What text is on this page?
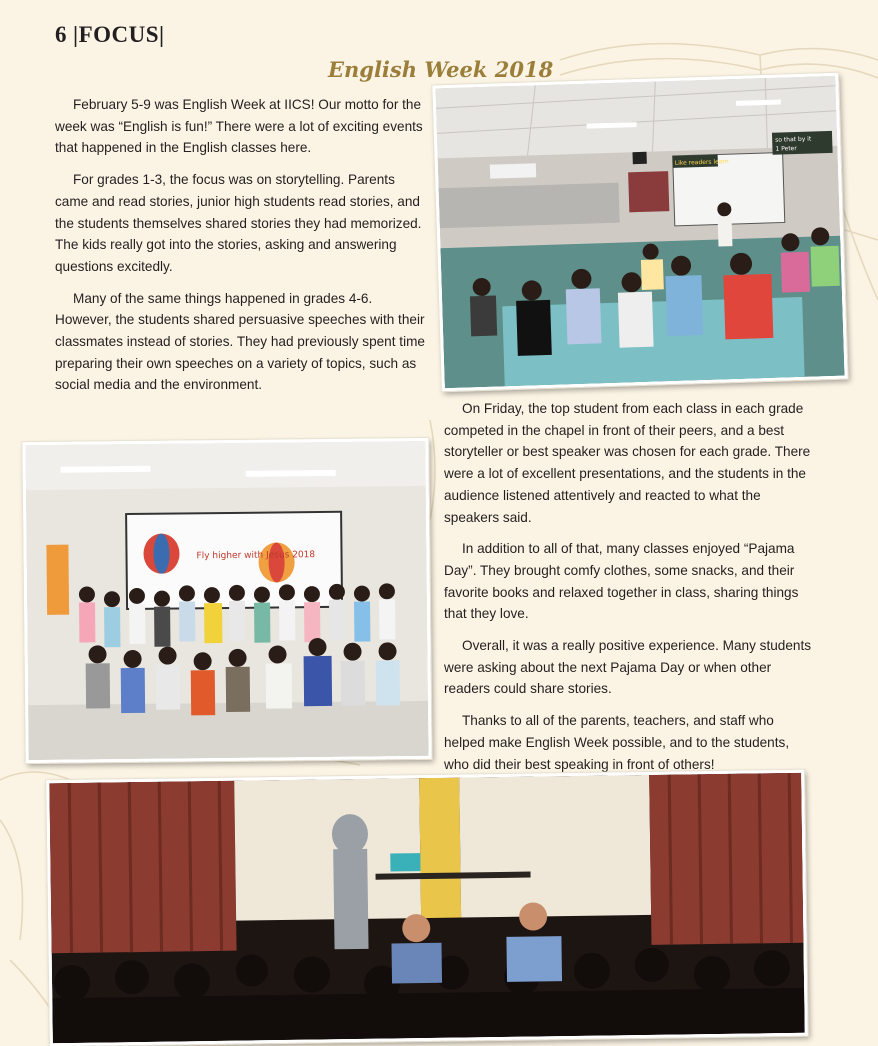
6 |FOCUS|
English Week 2018

February 5-9 was English Week at IICS! Our motto for the week was “English is fun!” There were a lot of exciting events that happened in the English classes here.

For grades 1-3, the focus was on storytelling. Parents came and read stories, junior high students read stories, and the students themselves shared stories they had memorized. The kids really got into the stories, asking and answering questions excitedly.

Many of the same things happened in grades 4-6. However, the students shared persuasive speeches with their classmates instead of stories. They had previously spent time preparing their own speeches on a variety of topics, such as social media and the environment.

On Friday, the top student from each class in each grade competed in the chapel in front of their peers, and a best storyteller or best speaker was chosen for each grade. There were a lot of excellent presentations, and the students in the audience listened attentively and reacted to what the speakers said.

In addition to all of that, many classes enjoyed “Pajama Day”. They brought comfy clothes, some snacks, and their favorite books and relaxed together in class, sharing things that they love.

Overall, it was a really positive experience. Many students were asking about the next Pajama Day or when other readers could share stories.

Thanks to all of the parents, teachers, and staff who helped make English Week possible, and to the students, who did their best speaking in front of others!

Like readers learn
so that by it
1 Peter
Fly higher with Jesus 2018
